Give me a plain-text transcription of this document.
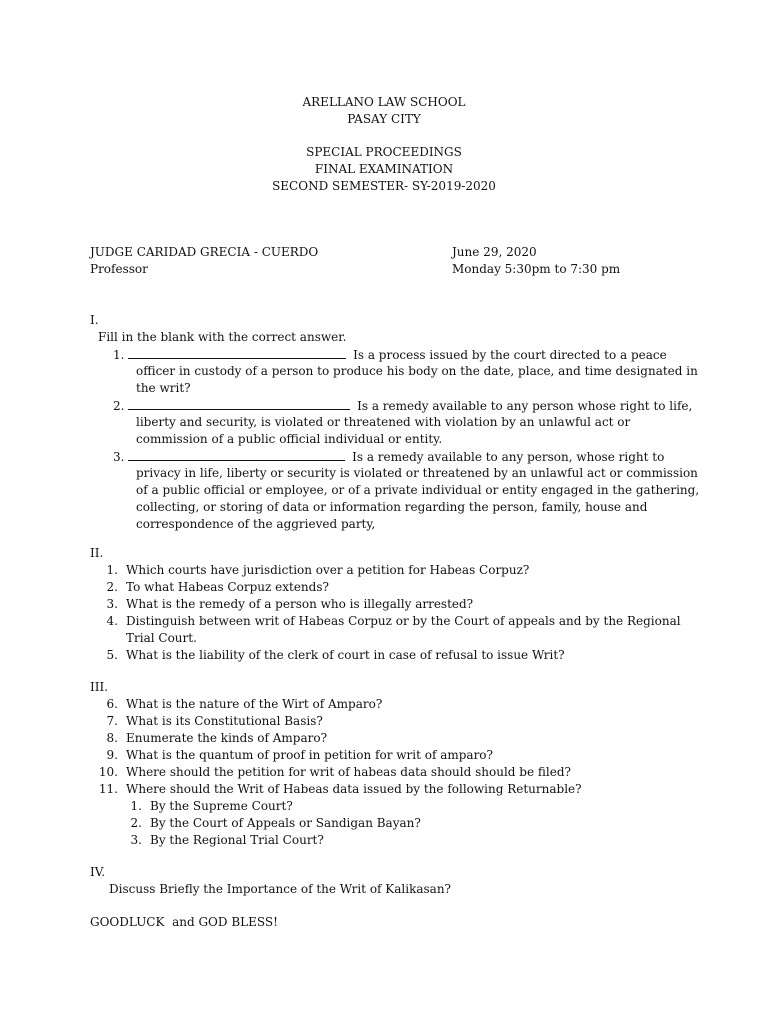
ARELLANO LAW SCHOOL
PASAY CITY
SPECIAL PROCEEDINGS
FINAL EXAMINATION
SECOND SEMESTER- SY-2019-2020
JUDGE CARIDAD GRECIA - CUERDO
Professor
June 29, 2020
Monday 5:30pm to 7:30 pm
I.
Fill in the blank with the correct answer.
1.	Is a process issued by the court directed to a peace
officer in custody of a person to produce his body on the date, place, and time designated in
the writ?
2.	Is a remedy available to any person whose right to life,
liberty and security, is violated or threatened with violation by an unlawful act or
commission of a public official individual or entity.
3.	Is a remedy available to any person, whose right to
privacy in life, liberty or security is violated or threatened by an unlawful act or commission
of a public official or employee, or of a private individual or entity engaged in the gathering,
collecting, or storing of data or information regarding the person, family, house and
correspondence of the aggrieved party,
II.
1. Which courts have jurisdiction over a petition for Habeas Corpuz?
2. To what Habeas Corpuz extends?
3. What is the remedy of a person who is illegally arrested?
4. Distinguish between writ of Habeas Corpuz or by the Court of appeals and by the Regional
Trial Court.
5. What is the liability of the clerk of court in case of refusal to issue Writ?
III.
6. What is the nature of the Wirt of Amparo?
7. What is its Constitutional Basis?
8. Enumerate the kinds of Amparo?
9. What is the quantum of proof in petition for writ of amparo?
10. Where should the petition for writ of habeas data should should be filed?
11. Where should the Writ of Habeas data issued by the following Returnable?
1. By the Supreme Court?
2. By the Court of Appeals or Sandigan Bayan?
3. By the Regional Trial Court?
IV.
Discuss Briefly the Importance of the Writ of Kalikasan?
GOODLUCK  and GOD BLESS!
